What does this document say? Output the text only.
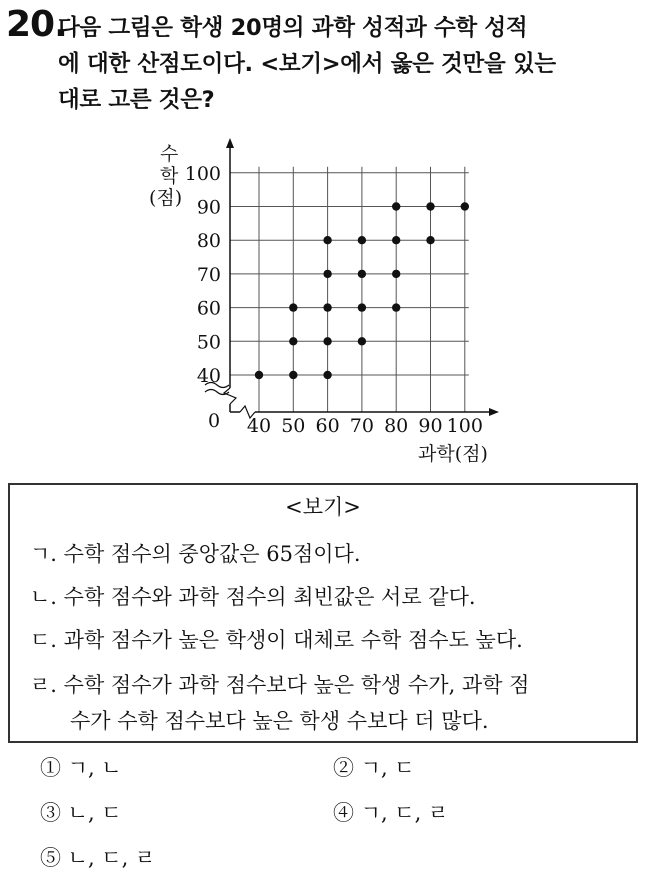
20.
다음 그림은 학생 20명의 과학 성적과 수학 성적
에 대한 산점도이다. <보기>에서 옳은 것만을 있는
대로 고른 것은?
수
학
(점)
과학(점)
0 40 50 60 70 80 90 100
40
50
60
70
80
90
100
<보기>
ㄱ. 수학 점수의 중앙값은 65점이다.
ㄴ. 수학 점수와 과학 점수의 최빈값은 서로 같다.
ㄷ. 과학 점수가 높은 학생이 대체로 수학 점수도 높다.
ㄹ. 수학 점수가 과학 점수보다 높은 학생 수가, 과학 점
수가 수학 점수보다 높은 학생 수보다 더 많다.
① ㄱ, ㄴ	② ㄱ, ㄷ
③ ㄴ, ㄷ	④ ㄱ, ㄷ, ㄹ
⑤ ㄴ, ㄷ, ㄹ
